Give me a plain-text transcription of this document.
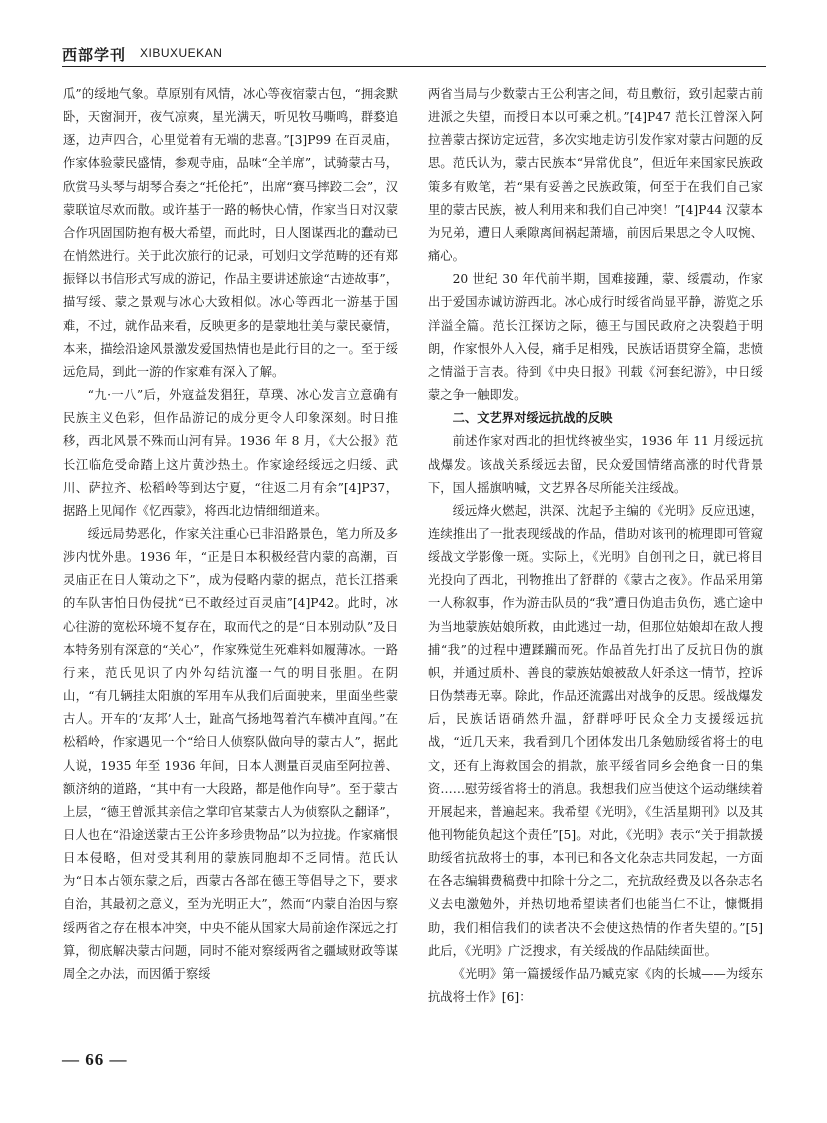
西部学刊 XIBUXUEKAN

瓜”的绥地气象。草原别有风情，冰心等夜宿蒙古包，“拥衾默卧，天窗洞开，夜气凉爽，星光满天，听见牧马嘶鸣，群婺追逐，边声四合，心里觉着有无端的悲喜。”[3]P99 在百灵庙，作家体验蒙民盛情，参观寺庙，品味“全羊席”，试骑蒙古马，欣赏马头琴与胡琴合奏之“托伦托”，出席“赛马摔跤二会”，汉蒙联谊尽欢而散。或许基于一路的畅快心情，作家当日对汉蒙合作巩固国防抱有极大希望，而此时，日人图谋西北的蠢动已在悄然进行。关于此次旅行的记录，可划归文学范畴的还有郑振铎以书信形式写成的游记，作品主要讲述旅途“古迹故事”，描写绥、蒙之景观与冰心大致相似。冰心等西北一游基于国难，不过，就作品来看，反映更多的是蒙地壮美与蒙民豪情，本来，描绘沿途风景激发爱国热情也是此行目的之一。至于绥远危局，到此一游的作家难有深入了解。

“九·一八”后，外寇益发猖狂，草璞、冰心发言立意确有民族主义色彩，但作品游记的成分更令人印象深刻。时日推移，西北风景不殊而山河有异。1936 年 8 月，《大公报》范长江临危受命踏上这片黄沙热土。作家途经绥远之归绥、武川、萨拉齐、松稻岭等到达宁夏，“往返二月有余”[4]P37，据路上见闻作《忆西蒙》，将西北边情细细道来。

绥远局势恶化，作家关注重心已非沿路景色，笔力所及多涉内忧外患。1936 年，“正是日本积极经营内蒙的高潮，百灵庙正在日人策动之下”，成为侵略内蒙的据点，范长江搭乘的车队害怕日伪侵扰“已不敢经过百灵庙”[4]P42。此时，冰心往游的宽松环境不复存在，取而代之的是“日本别动队”及日本特务别有深意的“关心”，作家殊觉生死难料如履薄冰。一路行来，范氏见识了内外勾结沆瀣一气的明目张胆。在阴山，“有几辆挂太阳旗的军用车从我们后面驶来，里面坐些蒙古人。开车的‘友邦’人士，趾高气扬地驾着汽车横冲直闯。”在松稻岭，作家遇见一个“给日人侦察队做向导的蒙古人”，据此人说，1935 年至 1936 年间，日本人测量百灵庙至阿拉善、额济纳的道路，“其中有一大段路，都是他作向导”。至于蒙古上层，“德王曾派其亲信之掌印官某蒙古人为侦察队之翻译”，日人也在“沿途送蒙古王公许多珍贵物品”以为拉拢。作家痛恨日本侵略，但对受其利用的蒙族同胞却不乏同情。范氏认为“日本占领东蒙之后，西蒙古各部在德王等倡导之下，要求自治，其最初之意义，至为光明正大”，然而“内蒙自治因与察绥两省之存在根本冲突，中央不能从国家大局前途作深远之打算，彻底解决蒙古问题，同时不能对察绥两省之疆域财政等谋周全之办法，而因循于察绥

两省当局与少数蒙古王公利害之间，苟且敷衍，致引起蒙古前进派之失望，而授日本以可乘之机。”[4]P47 范长江曾深入阿拉善蒙古探访定远营，多次实地走访引发作家对蒙古问题的反思。范氏认为，蒙古民族本“异常优良”，但近年来国家民族政策多有败笔，若“果有妥善之民族政策，何至于在我们自己家里的蒙古民族，被人利用来和我们自己冲突！”[4]P44 汉蒙本为兄弟，遭日人乘隙离间祸起萧墙，前因后果思之令人叹惋、痛心。

20 世纪 30 年代前半期，国难接踵，蒙、绥震动，作家出于爱国赤诚访游西北。冰心成行时绥省尚显平静，游览之乐洋溢全篇。范长江探访之际，德王与国民政府之决裂趋于明朗，作家恨外人入侵，痛手足相残，民族话语贯穿全篇，悲愤之情溢于言表。待到《中央日报》刊载《河套纪游》，中日绥蒙之争一触即发。

二、文艺界对绥远抗战的反映

前述作家对西北的担忧终被坐实，1936 年 11 月绥远抗战爆发。该战关系绥远去留，民众爱国情绪高涨的时代背景下，国人摇旗呐喊，文艺界各尽所能关注绥战。

绥远烽火燃起，洪深、沈起予主编的《光明》反应迅速，连续推出了一批表现绥战的作品，借助对该刊的梳理即可管窥绥战文学影像一斑。实际上，《光明》自创刊之日，就已将目光投向了西北，刊物推出了舒群的《蒙古之夜》。作品采用第一人称叙事，作为游击队员的“我”遭日伪追击负伤，逃亡途中为当地蒙族姑娘所救，由此逃过一劫，但那位姑娘却在敌人搜捕“我”的过程中遭蹂躏而死。作品首先打出了反抗日伪的旗帜，并通过质朴、善良的蒙族姑娘被敌人奸杀这一情节，控诉日伪禁毒无辜。除此，作品还流露出对战争的反思。绥战爆发后，民族话语硝然升温，舒群呼吁民众全力支援绥远抗战，“近几天来，我看到几个团体发出几条勉励绥省将士的电文，还有上海救国会的捐款，旅平绥省同乡会绝食一日的集资……慰劳绥省将士的消息。我想我们应当使这个运动继续着开展起来，普遍起来。我希望《光明》，《生活星期刊》以及其他刊物能负起这个责任”[5]。对此，《光明》表示“关于捐款援助绥省抗敌将士的事，本刊已和各文化杂志共同发起，一方面在各志编辑费稿费中扣除十分之二，充抗敌经费及以各杂志名义去电激勉外，并热切地希望读者们也能当仁不让，慷慨捐助，我们相信我们的读者决不会使这热情的作者失望的。”[5] 此后，《光明》广泛搜求，有关绥战的作品陆续面世。

《光明》第一篇援绥作品乃臧克家《肉的长城——为绥东抗战将士作》[6]：

— 66 —
